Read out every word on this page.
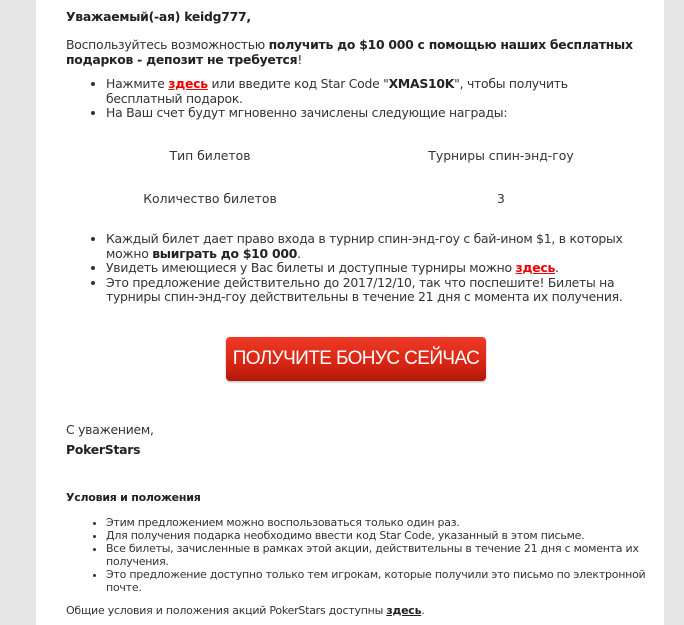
Уважаемый(-ая) keidg777,
Воспользуйтесь возможностью получить до $10 000 с помощью наших бесплатных подарков - депозит не требуется!
• Нажмите здесь или введите код Star Code "XMAS10K", чтобы получить бесплатный подарок.
• На Ваш счет будут мгновенно зачислены следующие награды:
Тип билетов	Турниры спин-энд-гоу
Количество билетов	3
• Каждый билет дает право входа в турнир спин-энд-гоу с бай-ином $1, в которых можно выиграть до $10 000.
• Увидеть имеющиеся у Вас билеты и доступные турниры можно здесь.
• Это предложение действительно до 2017/12/10, так что поспешите! Билеты на турниры спин-энд-гоу действительны в течение 21 дня с момента их получения.
ПОЛУЧИТЕ БОНУС СЕЙЧАС
С уважением,
PokerStars
Условия и положения
• Этим предложением можно воспользоваться только один раз.
• Для получения подарка необходимо ввести код Star Code, указанный в этом письме.
• Все билеты, зачисленные в рамках этой акции, действительны в течение 21 дня с момента их получения.
• Это предложение доступно только тем игрокам, которые получили это письмо по электронной почте.
Общие условия и положения акций PokerStars доступны здесь.
